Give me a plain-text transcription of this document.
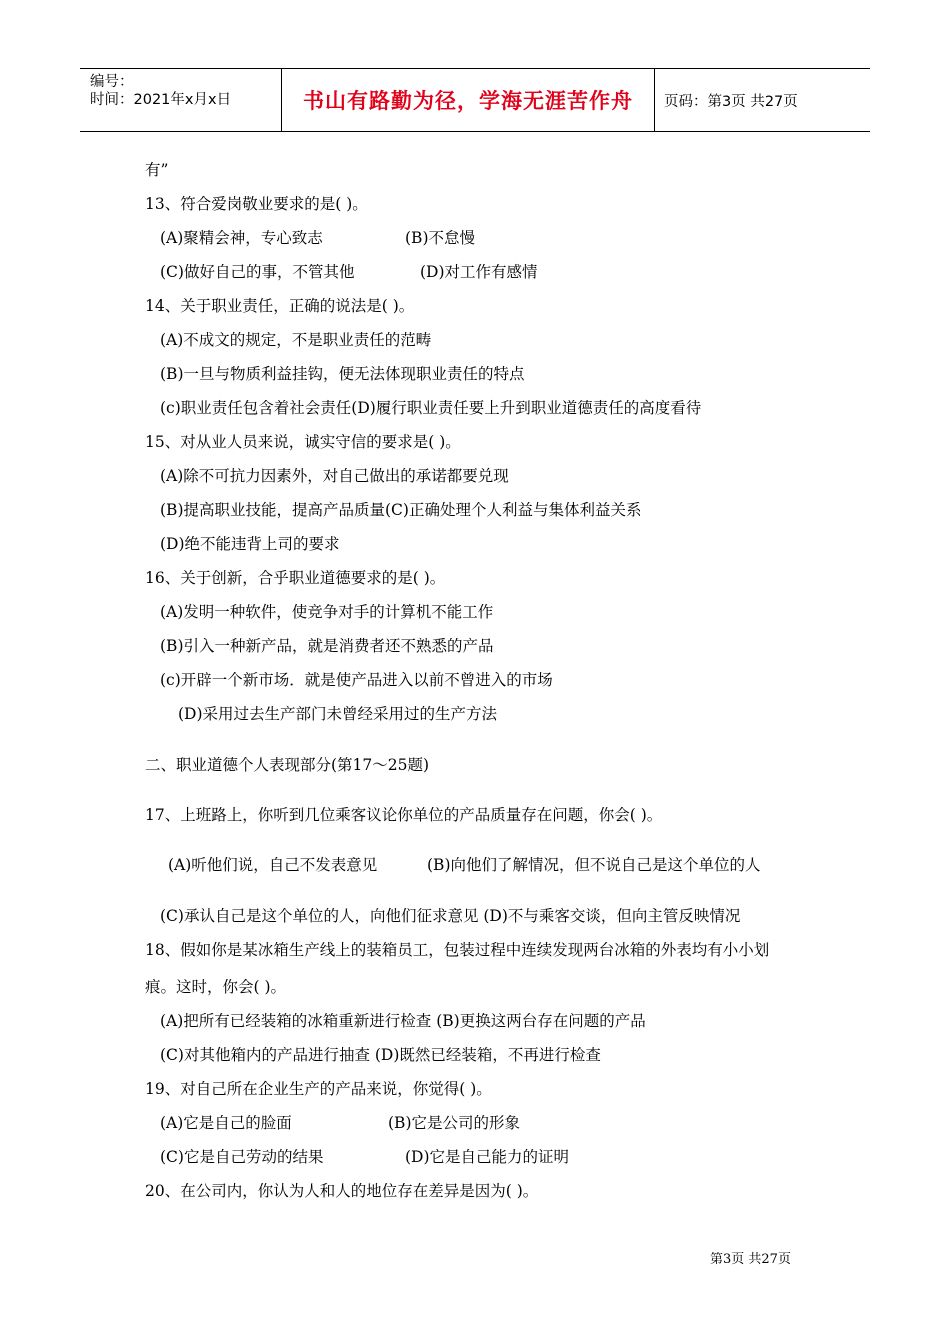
编号：
时间：2021年x月x日	书山有路勤为径，学海无涯苦作舟	页码：第3页 共27页
有”
13、符合爱岗敬业要求的是( )。
(A)聚精会神，专心致志	(B)不怠慢
(C)做好自己的事，不管其他	(D)对工作有感情
14、关于职业责任，正确的说法是( )。
(A)不成文的规定，不是职业责任的范畴
(B)一旦与物质利益挂钩，便无法体现职业责任的特点
(c)职业责任包含着社会责任(D)履行职业责任要上升到职业道德责任的高度看待
15、对从业人员来说，诚实守信的要求是( )。
(A)除不可抗力因素外，对自己做出的承诺都要兑现
(B)提高职业技能，提高产品质量(C)正确处理个人利益与集体利益关系
(D)绝不能违背上司的要求
16、关于创新，合乎职业道德要求的是( )。
(A)发明一种软件，使竞争对手的计算机不能工作
(B)引入一种新产品，就是消费者还不熟悉的产品
(c)开辟一个新市场．就是使产品进入以前不曾进入的市场
(D)采用过去生产部门未曾经采用过的生产方法
二、职业道德个人表现部分(第17～25题)
17、上班路上，你听到几位乘客议论你单位的产品质量存在问题，你会( )。
(A)听他们说，自己不发表意见	(B)向他们了解情况，但不说自己是这个单位的人
(C)承认自己是这个单位的人，向他们征求意见 (D)不与乘客交谈，但向主管反映情况
18、假如你是某冰箱生产线上的装箱员工，包装过程中连续发现两台冰箱的外表均有小小划
痕。这时，你会( )。
(A)把所有已经装箱的冰箱重新进行检查 (B)更换这两台存在问题的产品
(C)对其他箱内的产品进行抽查 (D)既然已经装箱，不再进行检查
19、对自己所在企业生产的产品来说，你觉得( )。
(A)它是自己的脸面	(B)它是公司的形象
(C)它是自己劳动的结果	(D)它是自己能力的证明
20、在公司内，你认为人和人的地位存在差异是因为( )。
第3页 共27页
